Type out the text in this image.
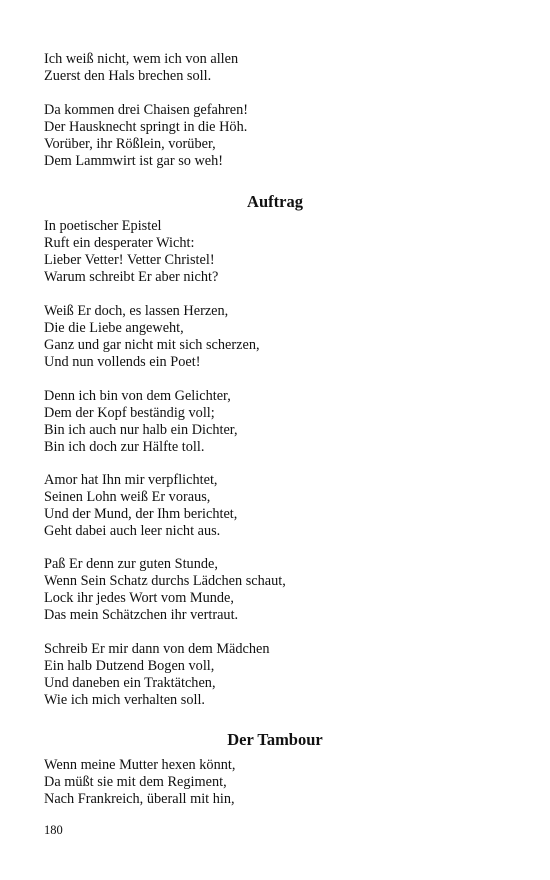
Ich weiß nicht, wem ich von allen
Zuerst den Hals brechen soll.
Da kommen drei Chaisen gefahren!
Der Hausknecht springt in die Höh.
Vorüber, ihr Rößlein, vorüber,
Dem Lammwirt ist gar so weh!
Auftrag
In poetischer Epistel
Ruft ein desperater Wicht:
Lieber Vetter! Vetter Christel!
Warum schreibt Er aber nicht?
Weiß Er doch, es lassen Herzen,
Die die Liebe angeweht,
Ganz und gar nicht mit sich scherzen,
Und nun vollends ein Poet!
Denn ich bin von dem Gelichter,
Dem der Kopf beständig voll;
Bin ich auch nur halb ein Dichter,
Bin ich doch zur Hälfte toll.
Amor hat Ihn mir verpflichtet,
Seinen Lohn weiß Er voraus,
Und der Mund, der Ihm berichtet,
Geht dabei auch leer nicht aus.
Paß Er denn zur guten Stunde,
Wenn Sein Schatz durchs Lädchen schaut,
Lock ihr jedes Wort vom Munde,
Das mein Schätzchen ihr vertraut.
Schreib Er mir dann von dem Mädchen
Ein halb Dutzend Bogen voll,
Und daneben ein Traktätchen,
Wie ich mich verhalten soll.
Der Tambour
Wenn meine Mutter hexen könnt,
Da müßt sie mit dem Regiment,
Nach Frankreich, überall mit hin,
180
